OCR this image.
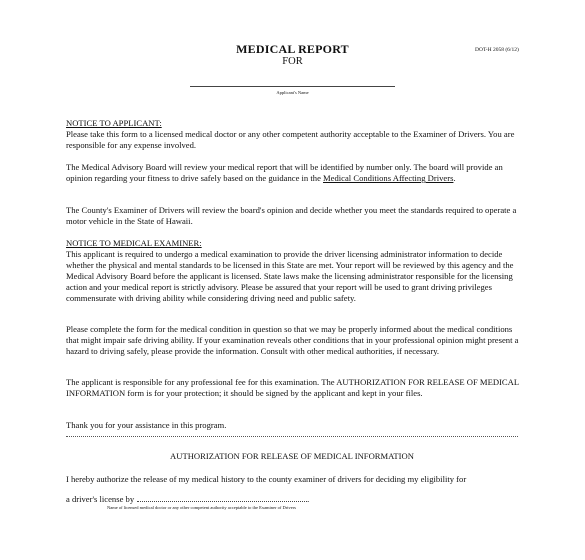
MEDICAL REPORT
FOR
DOT-H 2058 (6/12)
Applicant's Name
NOTICE TO APPLICANT:
Please take this form to a licensed medical doctor or any other competent authority acceptable to the Examiner of Drivers. You are responsible for any expense involved.
The Medical Advisory Board will review your medical report that will be identified by number only. The board will provide an opinion regarding your fitness to drive safely based on the guidance in the Medical Conditions Affecting Drivers.
The County's Examiner of Drivers will review the board's opinion and decide whether you meet the standards required to operate a motor vehicle in the State of Hawaii.
NOTICE TO MEDICAL EXAMINER:
This applicant is required to undergo a medical examination to provide the driver licensing administrator information to decide whether the physical and mental standards to be licensed in this State are met. Your report will be reviewed by this agency and the Medical Advisory Board before the applicant is licensed. State laws make the licensing administrator responsible for the licensing action and your medical report is strictly advisory. Please be assured that your report will be used to grant driving privileges commensurate with driving ability while considering driving need and public safety.
Please complete the form for the medical condition in question so that we may be properly informed about the medical conditions that might impair safe driving ability. If your examination reveals other conditions that in your professional opinion might present a hazard to driving safely, please provide the information. Consult with other medical authorities, if necessary.
The applicant is responsible for any professional fee for this examination. The AUTHORIZATION FOR RELEASE OF MEDICAL INFORMATION form is for your protection; it should be signed by the applicant and kept in your files.
Thank you for your assistance in this program.
AUTHORIZATION FOR RELEASE OF MEDICAL INFORMATION
I hereby authorize the release of my medical history to the county examiner of drivers for deciding my eligibility for
a driver's license by	.
Name of licensed medical doctor or any other competent authority acceptable to the Examiner of Drivers
